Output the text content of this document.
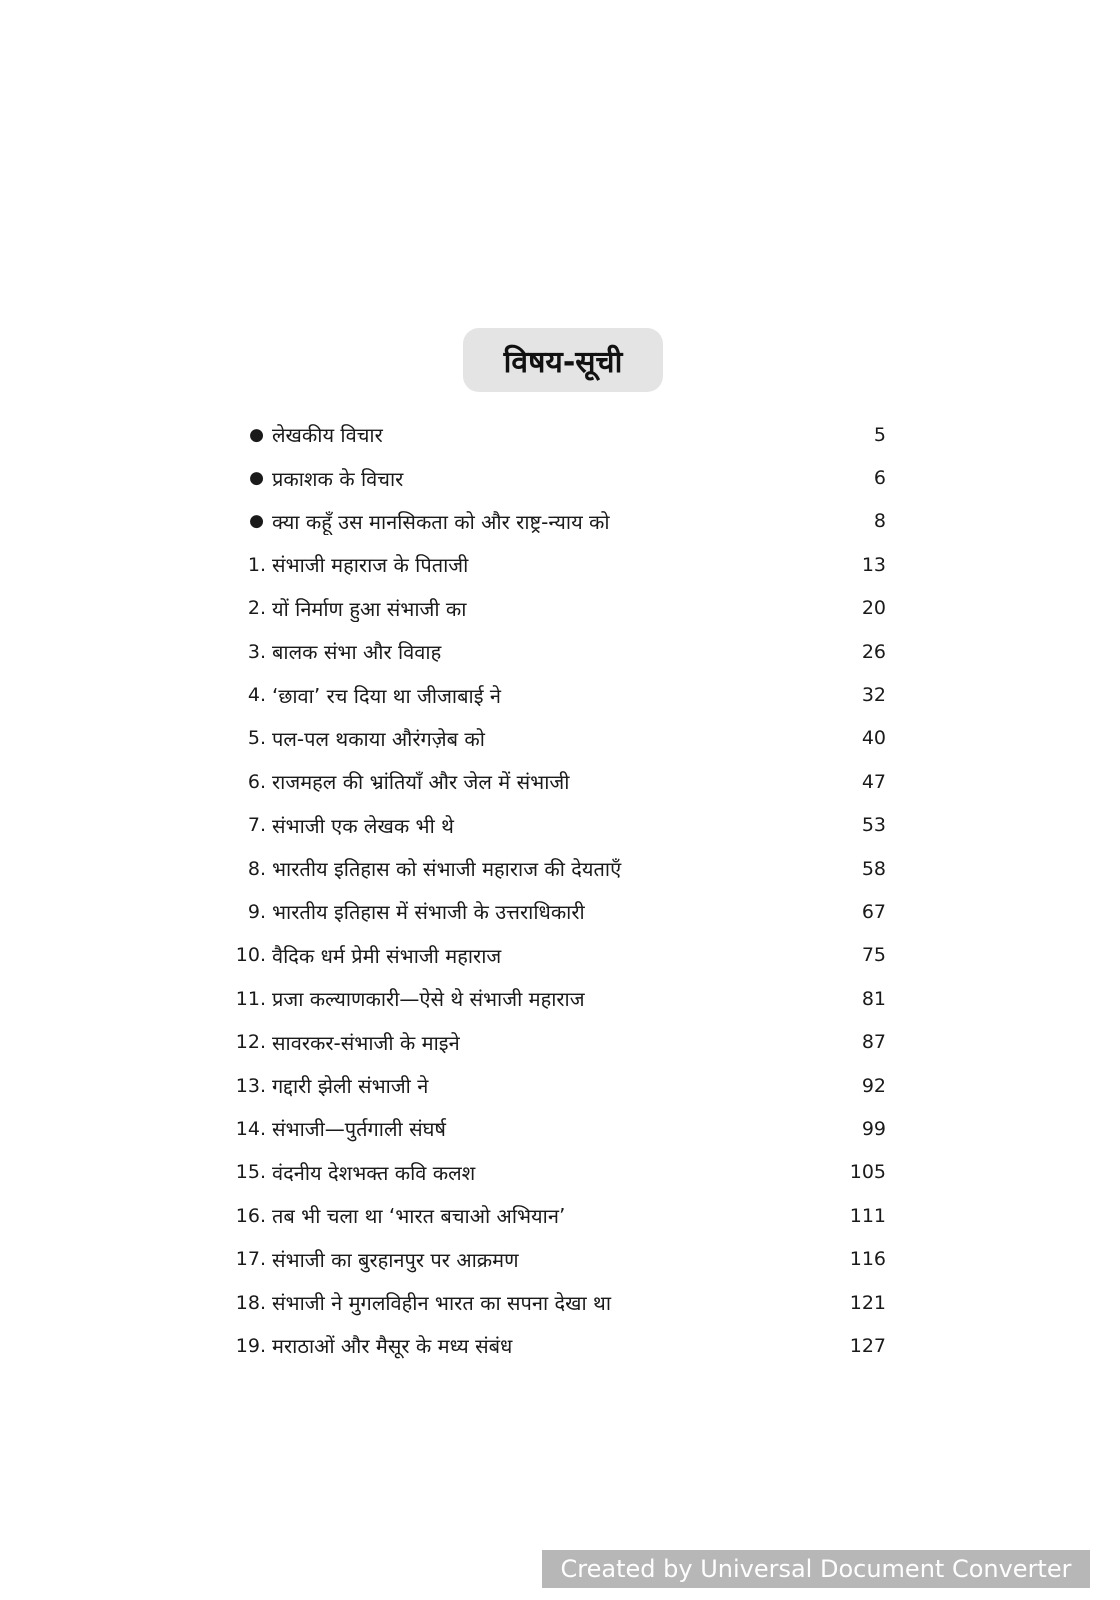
विषय-सूची
● लेखकीय विचार	5
● प्रकाशक के विचार	6
● क्या कहूँ उस मानसिकता को और राष्ट्र-न्याय को	8
1. संभाजी महाराज के पिताजी	13
2. यों निर्माण हुआ संभाजी का	20
3. बालक संभा और विवाह	26
4. ‘छावा’ रच दिया था जीजाबाई ने	32
5. पल-पल थकाया औरंगज़ेब को	40
6. राजमहल की भ्रांतियाँ और जेल में संभाजी	47
7. संभाजी एक लेखक भी थे	53
8. भारतीय इतिहास को संभाजी महाराज की देयताएँ	58
9. भारतीय इतिहास में संभाजी के उत्तराधिकारी	67
10. वैदिक धर्म प्रेमी संभाजी महाराज	75
11. प्रजा कल्याणकारी—ऐसे थे संभाजी महाराज	81
12. सावरकर-संभाजी के माइने	87
13. गद्दारी झेली संभाजी ने	92
14. संभाजी—पुर्तगाली संघर्ष	99
15. वंदनीय देशभक्त कवि कलश	105
16. तब भी चला था ‘भारत बचाओ अभियान’	111
17. संभाजी का बुरहानपुर पर आक्रमण	116
18. संभाजी ने मुगलविहीन भारत का सपना देखा था	121
19. मराठाओं और मैसूर के मध्य संबंध	127
Created by Universal Document Converter
